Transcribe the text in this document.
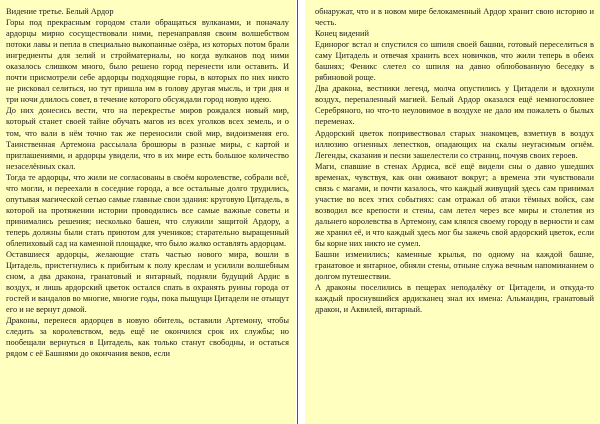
Видение третье. Белый Ардор

Горы под прекрасным городом стали обращаться вулканами, и поначалу ардорцы мирно сосуществовали ними, перенаправляя своим волшебством потоки лавы и пепла в специально выкопанные озёра, из которых потом брали ингредиенты для зелий и стройматериалы, но когда вулканов под ними оказалось слишком много, было решено город перенести или оставить. И почти присмотрели себе ардорцы подходящие горы, в которых по них никто не рисковал селиться, но тут пришла им в голову другая мысль, и три дня и три ночи длилось совет, в течение которого обсуждали город новую идею.

До них донесись вести, что на перекрестье миров рождался новый мир, который станет своей тайне обучать магов из всех уголков всех земель, и о том, что вали в нём точно так же переносили свой мир, видоизменяя его. Таинственная Артемона рассылала брошюры в разные миры, с картой и приглашениями, и ардорцы увидели, что в их мире есть большое количество незаселённых скал.

Тогда те ардорцы, что жили не согласованы в своём королевстве, собрали всё, что могли, и переехали в соседние города, а все остальные долго трудились, опутывая магической сетью самые главные свои здания: круговую Цитадель, в которой на протяжении истории проводились все самые важные советы и принимались решения; несколько башен, что служили защитой Ардору, а теперь должны были стать приютом для учеников; старательно выращенный облепиховый сад на каменной площадке, что было жалко оставлять ардорцам.

Оставшиеся ардорцы, желающие стать частью нового мира, вошли в Цитадель, пристегнулись к прибитым к полу креслам и усилили волшебным сном, а два дракона, гранатовый и янтарный, подняли будущий Ардис в воздух, и лишь ардорский цветок остался спать в охранять руины города от гостей и вандалов во многие, многие годы, пока пыщущи Цитадели не отыщут его и не вернут домой.

Драконы, перенеся ардорцев в новую обитель, оставили Артемону, чтобы следить за королевством, ведь ещё не окончился срок их службы; но пообещали вернуться в Цитадель, как только станут свободны, и остаться рядом с её Башнями до окончания веков, если

обнаружат, что и в новом мире белокаменный Ардор хранит свою историю и честь.

Конец видений

Единорог встал и спустился со шпиля своей башни, готовый переселиться в саму Цитадель и отвечая хранить всех новичков, что жили теперь в обеих башнях; Феникс слетел со шпиля на давно облюбованную беседку в рябиновой роще.

Два дракона, вестники легенд, молча опустились у Цитадели и вдохнули воздух, перепаленный магией. Белый Ардор оказался ещё немногословнее Серебряного, но что-то неуловимое в воздухе не дало им пожалеть о былых переменах.

Ардорский цветок попривествовал старых знакомцев, взметнув в воздух иллюзию огненных лепестков, опадающих на скалы неугасимым огнём. Легенды, сказания и песни зашелестели со страниц, почуяв своих героев.

Маги, спавшие в стенах Ардиса, всё ещё видели сны о давно ушедших временах, чувствуя, как они оживают вокруг; а времена эти чувствовали связь с магами, и почти казалось, что каждый живущий здесь сам принимал участие во всех этих событиях: сам отражал об атаки тёмных войск, сам возводил все крепости и стены, сам летел через все миры и столетия из дальнего королевства в Артемону, сам клялся своему городу в верности и сам же хранил её, и что каждый здесь мог бы зажечь свой ардорский цветок, если бы корне них никто не сумел.

Башни изменились; каменные крылья, по одному на каждой башне, гранатовое и янтарное, обняли стены, отныне служа вечным напоминанием о долгом путешествии.

А драконы поселились в пещерах неподалёку от Цитадели, и откуда-то каждый проснувшийся ардисканец знал их имена: Альмандин, гранатовый дракон, и Аквилей, янтарный.
